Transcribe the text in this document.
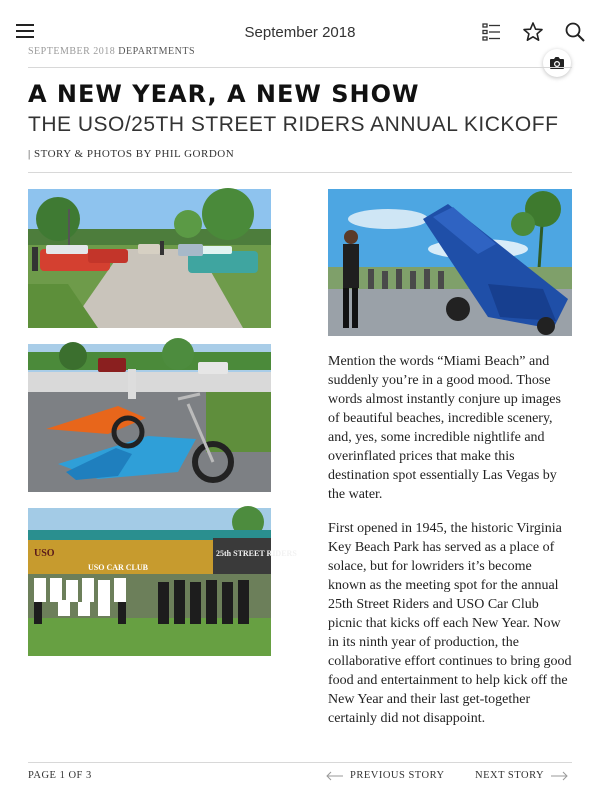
September 2018
SEPTEMBER 2018 DEPARTMENTS
A NEW YEAR, A NEW SHOW
THE USO/25TH STREET RIDERS ANNUAL KICKOFF
| STORY & PHOTOS BY PHIL GORDON
USO
USO CAR CLUB
25th STREET RIDERS
Mention the words “Miami Beach” and suddenly you’re in a good mood. Those words almost instantly conjure up images of beautiful beaches, incredible scenery, and, yes, some incredible nightlife and overinflated prices that make this destination spot essentially Las Vegas by the water.
First opened in 1945, the historic Virginia Key Beach Park has served as a place of solace, but for lowriders it’s become known as the meeting spot for the annual 25th Street Riders and USO Car Club picnic that kicks off each New Year. Now in its ninth year of production, the collaborative effort continues to bring good food and entertainment to help kick off the New Year and their last get-together certainly did not disappoint.
PAGE 1 OF 3	PREVIOUS STORY	NEXT STORY
